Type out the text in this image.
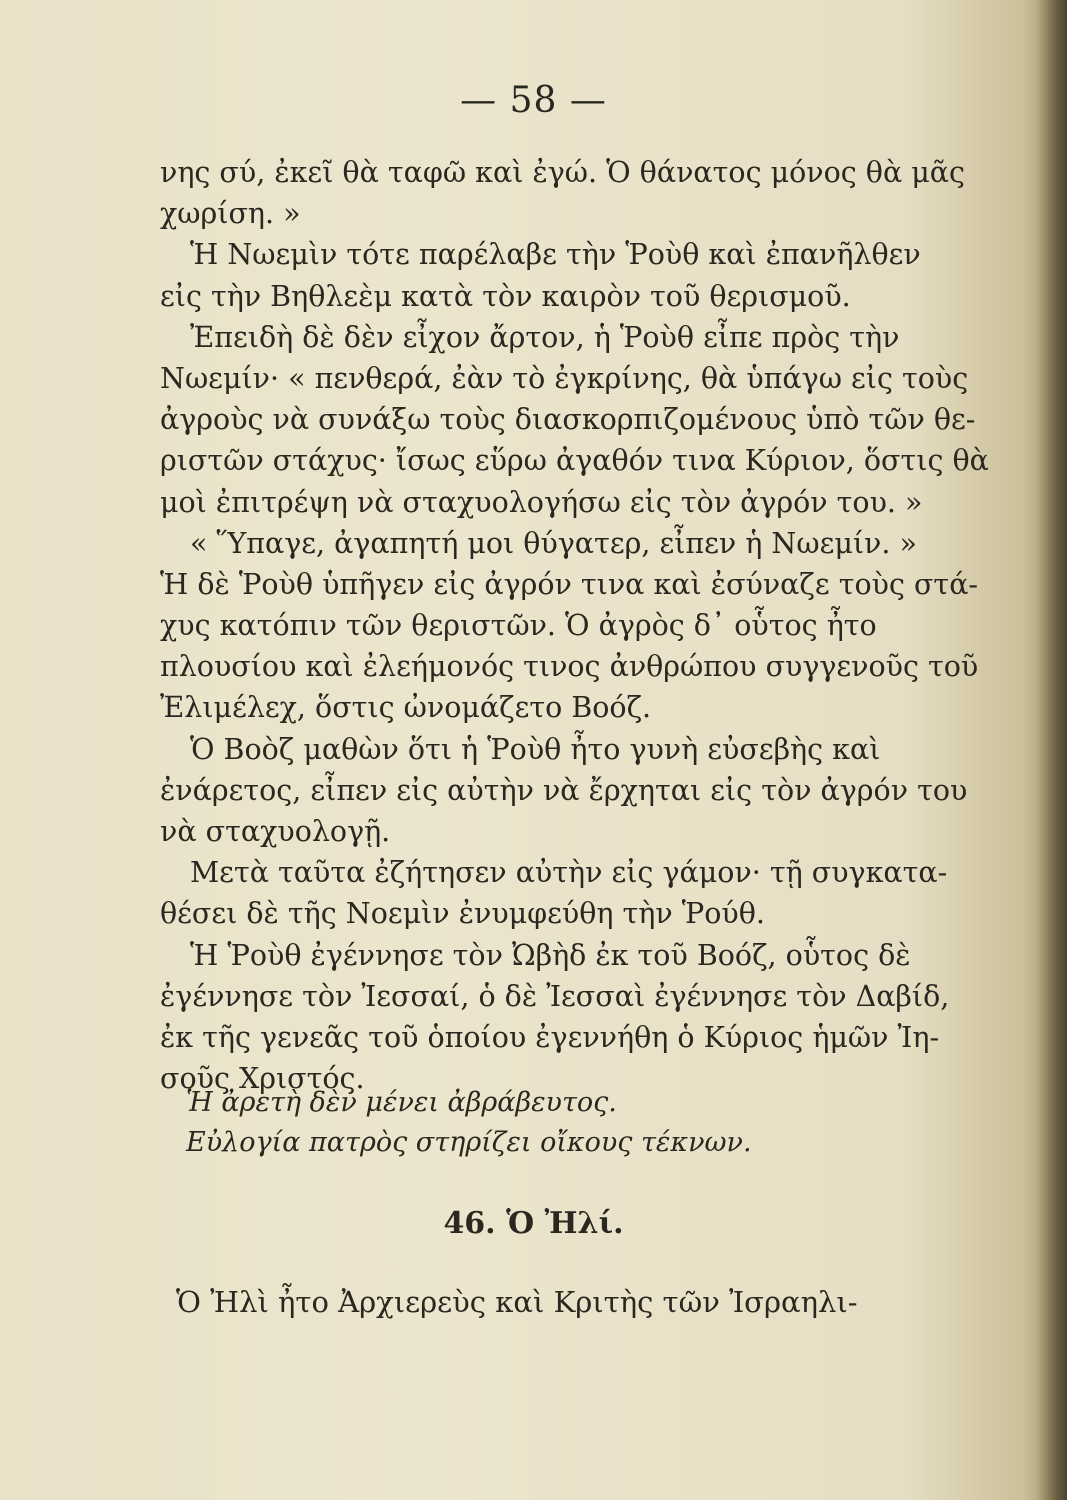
— 58 —
νης σύ, ἐκεῖ θὰ ταφῶ καὶ ἐγώ. Ὁ θάνατος μόνος θὰ μᾶς
χωρίση. »
Ἡ Νωεμὶν τότε παρέλαβε τὴν Ῥοὺθ καὶ ἐπανῆλθεν
εἰς τὴν Βηθλεὲμ κατὰ τὸν καιρὸν τοῦ θερισμοῦ.
Ἐπειδὴ δὲ δὲν εἶχον ἄρτον, ἡ Ῥοὺθ εἶπε πρὸς τὴν
Νωεμίν· « πενθερά, ἐὰν τὸ ἐγκρίνης, θὰ ὑπάγω εἰς τοὺς
ἀγροὺς νὰ συνάξω τοὺς διασκορπιζομένους ὑπὸ τῶν θε-
ριστῶν στάχυς· ἴσως εὕρω ἀγαθόν τινα Κύριον, ὅστις θὰ
μοὶ ἐπιτρέψη νὰ σταχυολογήσω εἰς τὸν ἀγρόν του. »
« Ὕπαγε, ἀγαπητή μοι θύγατερ, εἶπεν ἡ Νωεμίν. »
Ἡ δὲ Ῥοὺθ ὑπῆγεν εἰς ἀγρόν τινα καὶ ἐσύναζε τοὺς στά-
χυς κατόπιν τῶν θεριστῶν. Ὁ ἀγρὸς δ᾽ οὗτος ἦτο
πλουσίου καὶ ἐλεήμονός τινος ἀνθρώπου συγγενοῦς τοῦ
Ἐλιμέλεχ, ὅστις ὠνομάζετο Βοόζ.
Ὁ Βοὸζ μαθὼν ὅτι ἡ Ῥοὺθ ἦτο γυνὴ εὐσεβὴς καὶ
ἐνάρετος, εἶπεν εἰς αὐτὴν νὰ ἔρχηται εἰς τὸν ἀγρόν του
νὰ σταχυολογῇ.
Μετὰ ταῦτα ἐζήτησεν αὐτὴν εἰς γάμον· τῇ συγκατα-
θέσει δὲ τῆς Νοεμὶν ἐνυμφεύθη τὴν Ῥούθ.
Ἡ Ῥοὺθ ἐγέννησε τὸν Ὠβὴδ ἐκ τοῦ Βοόζ, οὗτος δὲ
ἐγέννησε τὸν Ἰεσσαί, ὁ δὲ Ἰεσσαὶ ἐγέννησε τὸν Δαβίδ,
ἐκ τῆς γενεᾶς τοῦ ὁποίου ἐγεννήθη ὁ Κύριος ἡμῶν Ἰη-
σοῦς Χριστός.
Ἡ ἀρετὴ δὲν μένει ἀβράβευτος.
Εὐλογία πατρὸς στηρίζει οἴκους τέκνων.
46. Ὁ Ἠλί.
Ὁ Ἠλὶ ἦτο Ἀρχιερεὺς καὶ Κριτὴς τῶν Ἰσραηλι-
